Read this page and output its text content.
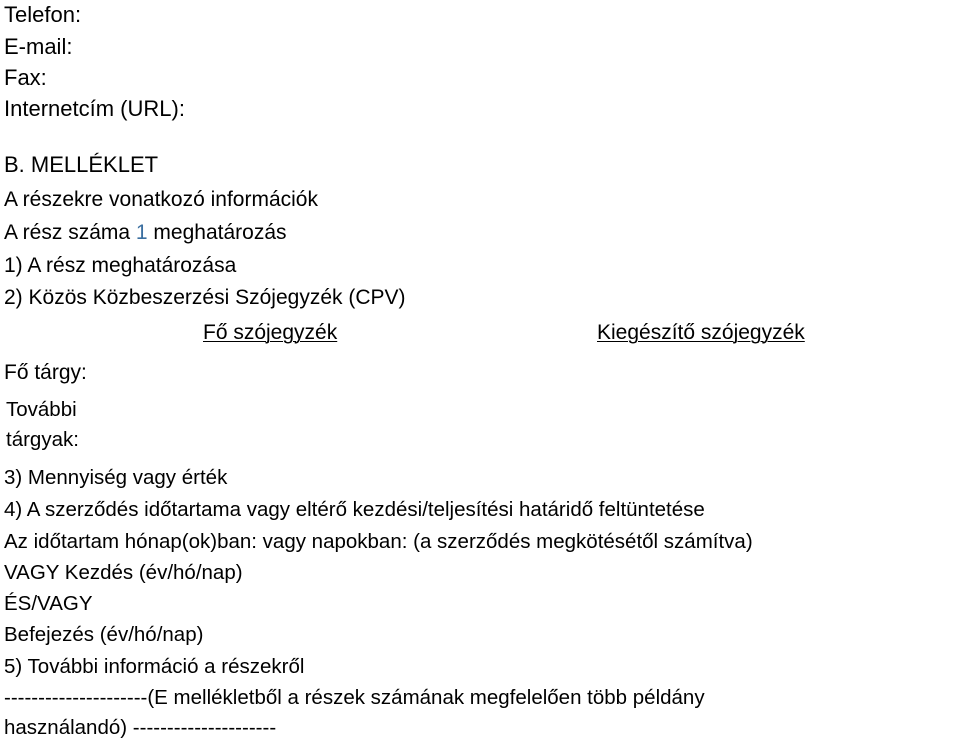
Telefon:
E-mail:
Fax:
Internetcím (URL):
B. MELLÉKLET
A részekre vonatkozó információk
A rész száma 1 meghatározás
1) A rész meghatározása
2) Közös Közbeszerzési Szójegyzék (CPV)
Fő szójegyzék	Kiegészítő szójegyzék
Fő tárgy:
További
tárgyak:
3) Mennyiség vagy érték
4) A szerződés időtartama vagy eltérő kezdési/teljesítési határidő feltüntetése
Az időtartam hónap(ok)ban: vagy napokban: (a szerződés megkötésétől számítva)
VAGY Kezdés (év/hó/nap)
ÉS/VAGY
Befejezés (év/hó/nap)
5) További információ a részekről
---------------------(E mellékletből a részek számának megfelelően több példány
használandó) ---------------------
